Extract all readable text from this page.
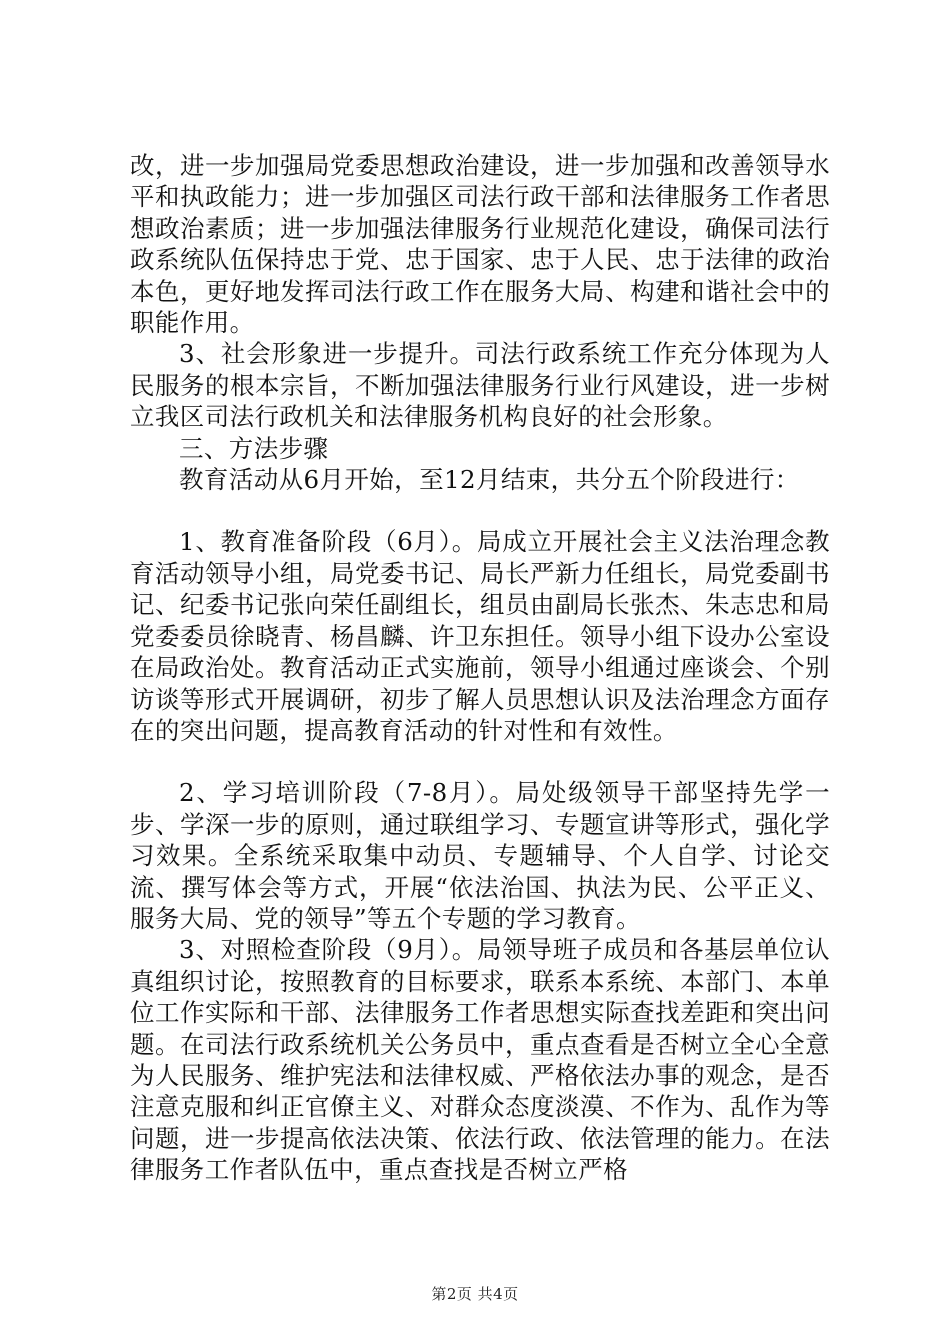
改，进一步加强局党委思想政治建设，进一步加强和改善领导水平和执政能力；进一步加强区司法行政干部和法律服务工作者思想政治素质；进一步加强法律服务行业规范化建设，确保司法行政系统队伍保持忠于党、忠于国家、忠于人民、忠于法律的政治本色，更好地发挥司法行政工作在服务大局、构建和谐社会中的职能作用。

3、社会形象进一步提升。司法行政系统工作充分体现为人民服务的根本宗旨，不断加强法律服务行业行风建设，进一步树立我区司法行政机关和法律服务机构良好的社会形象。

三、方法步骤

教育活动从6月开始，至12月结束，共分五个阶段进行：

1、教育准备阶段（6月）。局成立开展社会主义法治理念教育活动领导小组，局党委书记、局长严新力任组长，局党委副书记、纪委书记张向荣任副组长，组员由副局长张杰、朱志忠和局党委委员徐晓青、杨昌麟、许卫东担任。领导小组下设办公室设在局政治处。教育活动正式实施前，领导小组通过座谈会、个别访谈等形式开展调研，初步了解人员思想认识及法治理念方面存在的突出问题，提高教育活动的针对性和有效性。

2、学习培训阶段（7-8月）。局处级领导干部坚持先学一步、学深一步的原则，通过联组学习、专题宣讲等形式，强化学习效果。全系统采取集中动员、专题辅导、个人自学、讨论交流、撰写体会等方式，开展“依法治国、执法为民、公平正义、服务大局、党的领导”等五个专题的学习教育。

3、对照检查阶段（9月）。局领导班子成员和各基层单位认真组织讨论，按照教育的目标要求，联系本系统、本部门、本单位工作实际和干部、法律服务工作者思想实际查找差距和突出问题。在司法行政系统机关公务员中，重点查看是否树立全心全意为人民服务、维护宪法和法律权威、严格依法办事的观念，是否注意克服和纠正官僚主义、对群众态度淡漠、不作为、乱作为等问题，进一步提高依法决策、依法行政、依法管理的能力。在法律服务工作者队伍中，重点查找是否树立严格

第2页 共4页
